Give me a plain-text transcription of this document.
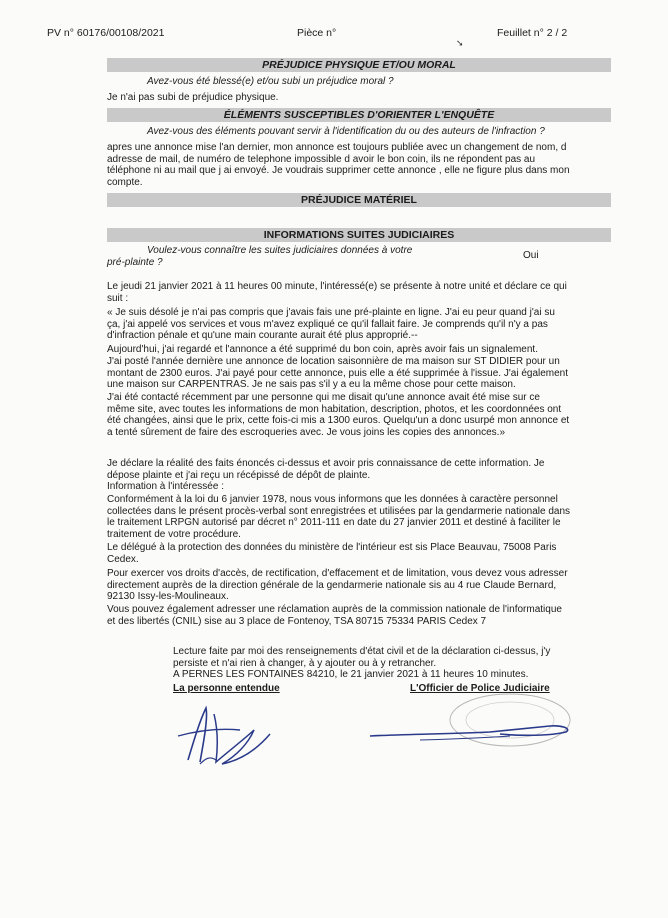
PV n° 60176/00108/2021	Pièce n°	Feuillet n° 2 / 2
➘
PRÉJUDICE PHYSIQUE ET/OU MORAL
Avez-vous été blessé(e) et/ou subi un préjudice moral ?
Je n'ai pas subi de préjudice physique.
ÉLÉMENTS SUSCEPTIBLES D'ORIENTER L'ENQUÊTE
Avez-vous des éléments pouvant servir à l'identification du ou des auteurs de l'infraction ?
apres une annonce mise l'an dernier, mon annonce est toujours publiée avec un changement de nom, d
adresse de mail, de numéro de telephone impossible d avoir le bon coin, ils ne répondent pas au
téléphone ni au mail que j ai envoyé. Je voudrais supprimer cette annonce , elle ne figure plus dans mon
compte.
PRÉJUDICE MATÉRIEL
INFORMATIONS SUITES JUDICIAIRES
Voulez-vous connaître les suites judiciaires données à votre
pré-plainte ?
Oui
Le jeudi 21 janvier 2021 à 11 heures 00 minute, l'intéressé(e) se présente à notre unité et déclare ce qui
suit :
« Je suis désolé je n'ai pas compris que j'avais fais une pré-plainte en ligne. J'ai eu peur quand j'ai su
ça, j'ai appelé vos services et vous m'avez expliqué ce qu'il fallait faire. Je comprends qu'il n'y a pas
d'infraction pénale et qu'une main courante aurait été plus approprié.--
Aujourd'hui, j'ai regardé et l'annonce a été supprimé du bon coin, après avoir fais un signalement.
J'ai posté l'année dernière une annonce de location saisonnière de ma maison sur ST DIDIER pour un
montant de 2300 euros. J'ai payé pour cette annonce, puis elle a été supprimée à l'issue. J'ai également
une maison sur CARPENTRAS. Je ne sais pas s'il y a eu la même chose pour cette maison.
J'ai été contacté récemment par une personne qui me disait qu'une annonce avait été mise sur ce
même site, avec toutes les informations de mon habitation, description, photos, et les coordonnées ont
été changées, ainsi que le prix, cette fois-ci mis a 1300 euros. Quelqu'un a donc usurpé mon annonce et
a tenté sûrement de faire des escroqueries avec. Je vous joins les copies des annonces.»
Je déclare la réalité des faits énoncés ci-dessus et avoir pris connaissance de cette information. Je
dépose plainte et j'ai reçu un récépissé de dépôt de plainte.
Information à l'intéressée :
Conformément à la loi du 6 janvier 1978, nous vous informons que les données à caractère personnel
collectées dans le présent procès-verbal sont enregistrées et utilisées par la gendarmerie nationale dans
le traitement LRPGN autorisé par décret n° 2011-111 en date du 27 janvier 2011 et destiné à faciliter le
traitement de votre procédure.
Le délégué à la protection des données du ministère de l'intérieur est sis Place Beauvau, 75008 Paris
Cedex.
Pour exercer vos droits d'accès, de rectification, d'effacement et de limitation, vous devez vous adresser
directement auprès de la direction générale de la gendarmerie nationale sis au 4 rue Claude Bernard,
92130 Issy-les-Moulineaux.
Vous pouvez également adresser une réclamation auprès de la commission nationale de l'informatique
et des libertés (CNIL) sise au 3 place de Fontenoy, TSA 80715 75334 PARIS Cedex 7
Lecture faite par moi des renseignements d'état civil et de la déclaration ci-dessus, j'y
persiste et n'ai rien à changer, à y ajouter ou à y retrancher.
A PERNES LES FONTAINES 84210, le 21 janvier 2021 à 11 heures 10 minutes.
La personne entendue	L'Officier de Police Judiciaire
